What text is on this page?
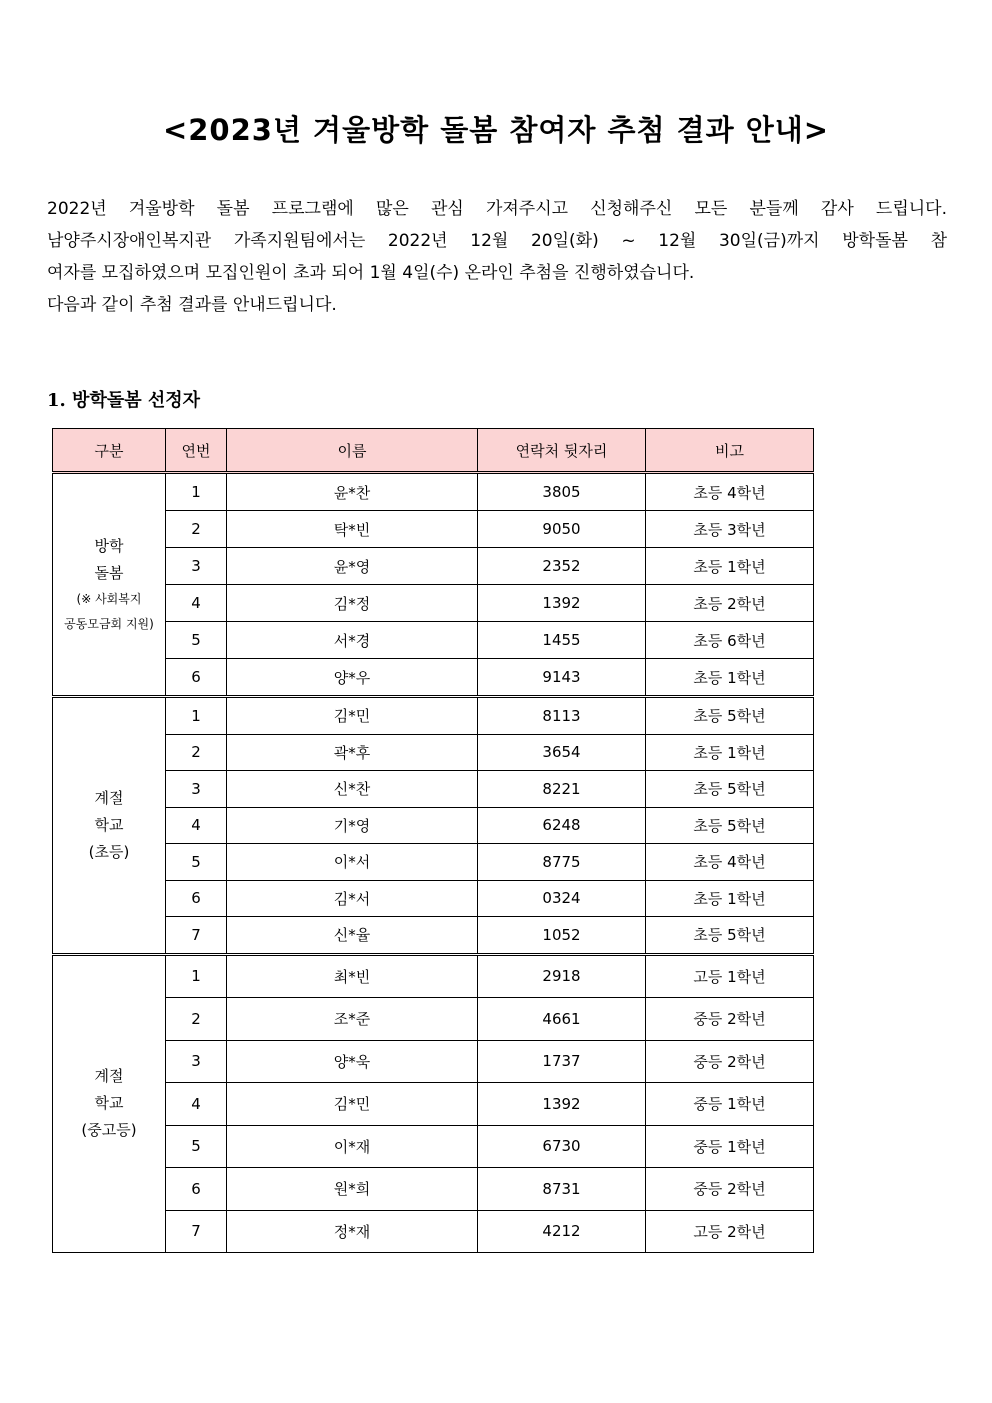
<2023년 겨울방학 돌봄 참여자 추첨 결과 안내>

2022년 겨울방학 돌봄 프로그램에 많은 관심 가져주시고 신청해주신 모든 분들께 감사 드립니다.

남양주시장애인복지관 가족지원팀에서는 2022년 12월 20일(화) ~ 12월 30일(금)까지 방학돌봄 참

여자를 모집하였으며 모집인원이 초과 되어 1월 4일(수) 온라인 추첨을 진행하였습니다.

다음과 같이 추첨 결과를 안내드립니다.

1. 방학돌봄 선정자
구분	연번	이름	연락처 뒷자리	비고

방학
돌봄
(※ 사회복지
공동모금회 지원)	1	윤*찬	3805	초등 4학년
	2	탁*빈	9050	초등 3학년
	3	윤*영	2352	초등 1학년
	4	김*정	1392	초등 2학년
	5	서*경	1455	초등 6학년
	6	양*우	9143	초등 1학년

계절
학교
(초등)	1	김*민	8113	초등 5학년
	2	곽*후	3654	초등 1학년
	3	신*찬	8221	초등 5학년
	4	기*영	6248	초등 5학년
	5	이*서	8775	초등 4학년
	6	김*서	0324	초등 1학년
	7	신*율	1052	초등 5학년

계절
학교
(중고등)	1	최*빈	2918	고등 1학년
	2	조*준	4661	중등 2학년
	3	양*욱	1737	중등 2학년
	4	김*민	1392	중등 1학년
	5	이*재	6730	중등 1학년
	6	원*희	8731	중등 2학년
	7	정*재	4212	고등 2학년
